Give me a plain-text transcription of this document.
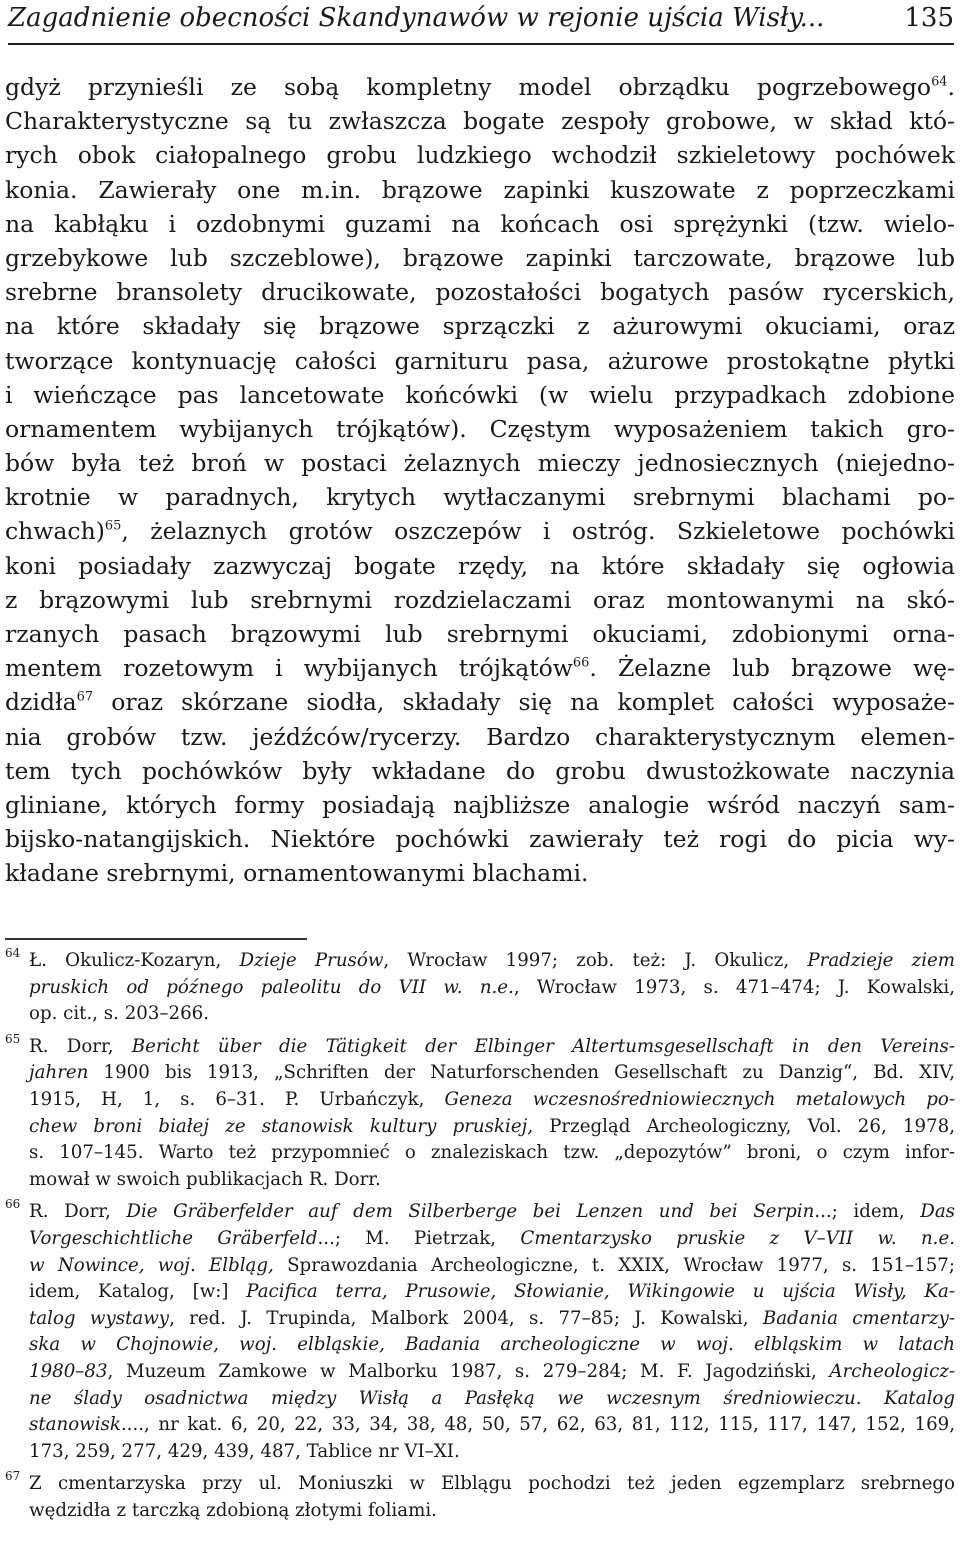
Zagadnienie obecności Skandynawów w rejonie ujścia Wisły...	135
gdyż przynieśli ze sobą kompletny model obrządku pogrzebowego$^{64}$.
Charakterystyczne są tu zwłaszcza bogate zespoły grobowe, w skład któ-
rych obok ciałopalnego grobu ludzkiego wchodził szkieletowy pochówek
konia. Zawierały one m.in. brązowe zapinki kuszowate z poprzeczkami
na kabłąku i ozdobnymi guzami na końcach osi sprężynki (tzw. wielo-
grzebykowe lub szczeblowe), brązowe zapinki tarczowate, brązowe lub
srebrne bransolety drucikowate, pozostałości bogatych pasów rycerskich,
na które składały się brązowe sprzączki z ażurowymi okuciami, oraz
tworzące kontynuację całości garnituru pasa, ażurowe prostokątne płytki
i wieńczące pas lancetowate końcówki (w wielu przypadkach zdobione
ornamentem wybijanych trójkątów). Częstym wyposażeniem takich gro-
bów była też broń w postaci żelaznych mieczy jednosiecznych (niejedno-
krotnie w paradnych, krytych wytłaczanymi srebrnymi blachami po-
chwach)$^{65}$, żelaznych grotów oszczepów i ostróg. Szkieletowe pochówki
koni posiadały zazwyczaj bogate rzędy, na które składały się ogłowia
z brązowymi lub srebrnymi rozdzielaczami oraz montowanymi na skó-
rzanych pasach brązowymi lub srebrnymi okuciami, zdobionymi orna-
mentem rozetowym i wybijanych trójkątów$^{66}$. Żelazne lub brązowe wę-
dzidła$^{67}$ oraz skórzane siodła, składały się na komplet całości wyposaże-
nia grobów tzw. jeźdźców/rycerzy. Bardzo charakterystycznym elemen-
tem tych pochówków były wkładane do grobu dwustożkowate naczynia
gliniane, których formy posiadają najbliższe analogie wśród naczyń sam-
bijsko-natangijskich. Niektóre pochówki zawierały też rogi do picia wy-
kładane srebrnymi, ornamentowanymi blachami.
64 Ł. Okulicz-Kozaryn, Dzieje Prusów, Wrocław 1997; zob. też: J. Okulicz, Pradzieje ziem
pruskich od późnego paleolitu do VII w. n.e., Wrocław 1973, s. 471–474; J. Kowalski,
op. cit., s. 203–266.
65 R. Dorr, Bericht über die Tätigkeit der Elbinger Altertumsgesellschaft in den Vereins-
jahren 1900 bis 1913, „Schriften der Naturforschenden Gesellschaft zu Danzig“, Bd. XIV,
1915, H, 1, s. 6–31. P. Urbańczyk, Geneza wczesnośredniowiecznych metalowych po-
chew broni białej ze stanowisk kultury pruskiej, Przegląd Archeologiczny, Vol. 26, 1978,
s. 107–145. Warto też przypomnieć o znaleziskach tzw. „depozytów” broni, o czym infor-
mował w swoich publikacjach R. Dorr.
66 R. Dorr, Die Gräberfelder auf dem Silberberge bei Lenzen und bei Serpin...; idem, Das
Vorgeschichtliche Gräberfeld...; M. Pietrzak, Cmentarzysko pruskie z V–VII w. n.e.
w Nowince, woj. Elbląg, Sprawozdania Archeologiczne, t. XXIX, Wrocław 1977, s. 151–157;
idem, Katalog, [w:] Pacifica terra, Prusowie, Słowianie, Wikingowie u ujścia Wisły, Ka-
talog wystawy, red. J. Trupinda, Malbork 2004, s. 77–85; J. Kowalski, Badania cmentarzy-
ska w Chojnowie, woj. elbląskie, Badania archeologiczne w woj. elbląskim w latach
1980–83, Muzeum Zamkowe w Malborku 1987, s. 279–284; M. F. Jagodziński, Archeologicz-
ne ślady osadnictwa między Wisłą a Pasłęką we wczesnym średniowieczu. Katalog
stanowisk...., nr kat. 6, 20, 22, 33, 34, 38, 48, 50, 57, 62, 63, 81, 112, 115, 117, 147, 152, 169,
173, 259, 277, 429, 439, 487, Tablice nr VI–XI.
67 Z cmentarzyska przy ul. Moniuszki w Elblągu pochodzi też jeden egzemplarz srebrnego
wędzidła z tarczką zdobioną złotymi foliami.
